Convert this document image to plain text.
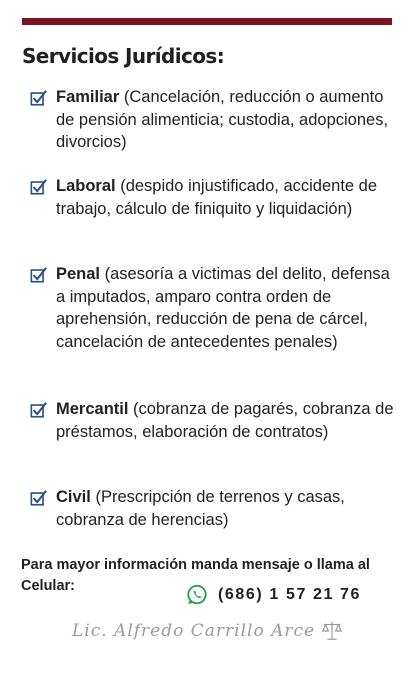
Servicios Jurídicos:
Familiar (Cancelación, reducción o aumento de pensión alimenticia; custodia, adopciones, divorcios)
Laboral (despido injustificado, accidente de trabajo, cálculo de finiquito y liquidación)
Penal (asesoría a victimas del delito, defensa a imputados, amparo contra orden de aprehensión, reducción de pena de cárcel, cancelación de antecedentes penales)
Mercantil (cobranza de pagarés, cobranza de préstamos, elaboración de contratos)
Civil (Prescripción de terrenos y casas, cobranza de herencias)
Para mayor información manda mensaje o llama al Celular:	(686) 1 57 21 76
Lic. Alfredo Carrillo Arce
